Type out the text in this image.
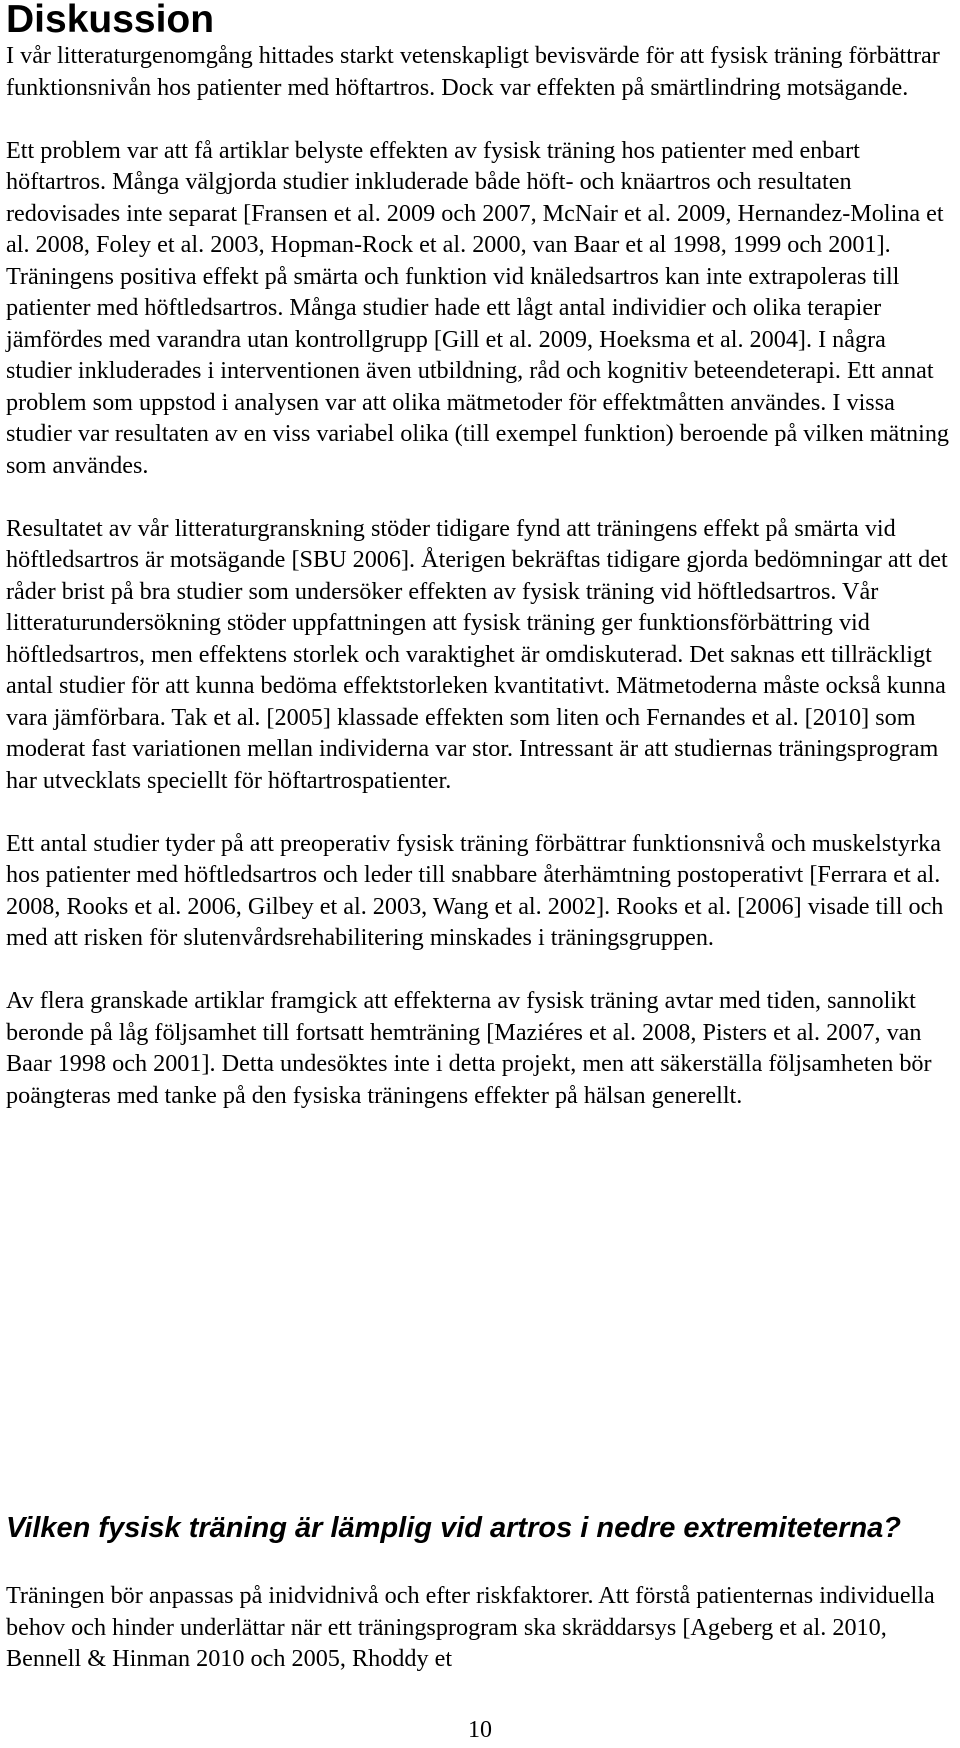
Diskussion

I vår litteraturgenomgång hittades starkt vetenskapligt bevisvärde för att fysisk träning förbättrar funktionsnivån hos patienter med höftartros. Dock var effekten på smärtlindring motsägande.

Ett problem var att få artiklar belyste effekten av fysisk träning hos patienter med enbart höftartros. Många välgjorda studier inkluderade både höft- och knäartros och resultaten redovisades inte separat [Fransen et al. 2009 och 2007, McNair et al. 2009, Hernandez-Molina et al. 2008, Foley et al. 2003, Hopman-Rock et al. 2000, van Baar et al 1998, 1999 och 2001]. Träningens positiva effekt på smärta och funktion vid knäledsartros kan inte extrapoleras till patienter med höftledsartros. Många studier hade ett lågt antal individier och olika terapier jämfördes med varandra utan kontrollgrupp [Gill et al. 2009, Hoeksma et al. 2004]. I några studier inkluderades i interventionen även utbildning, råd och kognitiv beteendeterapi. Ett annat problem som uppstod i analysen var att olika mätmetoder för effektmåtten användes. I vissa studier var resultaten av en viss variabel olika (till exempel funktion) beroende på vilken mätning som användes.

Resultatet av vår litteraturgranskning stöder tidigare fynd att träningens effekt på smärta vid höftledsartros är motsägande [SBU 2006]. Återigen bekräftas tidigare gjorda bedömningar att det råder brist på bra studier som undersöker effekten av fysisk träning vid höftledsartros. Vår litteraturundersökning stöder uppfattningen att fysisk träning ger funktionsförbättring vid höftledsartros, men effektens storlek och varaktighet är omdiskuterad. Det saknas ett tillräckligt antal studier för att kunna bedöma effektstorleken kvantitativt. Mätmetoderna måste också kunna vara jämförbara. Tak et al. [2005] klassade effekten som liten och Fernandes et al. [2010] som moderat fast variationen mellan individerna var stor. Intressant är att studiernas träningsprogram har utvecklats speciellt för höftartrospatienter.

Ett antal studier tyder på att preoperativ fysisk träning förbättrar funktionsnivå och muskelstyrka hos patienter med höftledsartros och leder till snabbare återhämtning postoperativt [Ferrara et al. 2008, Rooks et al. 2006, Gilbey et al. 2003, Wang et al. 2002]. Rooks et al. [2006] visade till och med att risken för slutenvårdsrehabilitering minskades i träningsgruppen.

Av flera granskade artiklar framgick att effekterna av fysisk träning avtar med tiden, sannolikt beronde på låg följsamhet till fortsatt hemträning [Maziéres et al. 2008, Pisters et al. 2007, van Baar 1998 och 2001]. Detta undesöktes inte i detta projekt, men att säkerställa följsamheten bör poängteras med tanke på den fysiska träningens effekter på hälsan generellt.

Vilken fysisk träning är lämplig vid artros i nedre extremiteterna?

Träningen bör anpassas på inidvidnivå och efter riskfaktorer. Att förstå patienternas individuella behov och hinder underlättar när ett träningsprogram ska skräddarsys [Ageberg et al. 2010, Bennell & Hinman 2010 och 2005, Rhoddy et

10
